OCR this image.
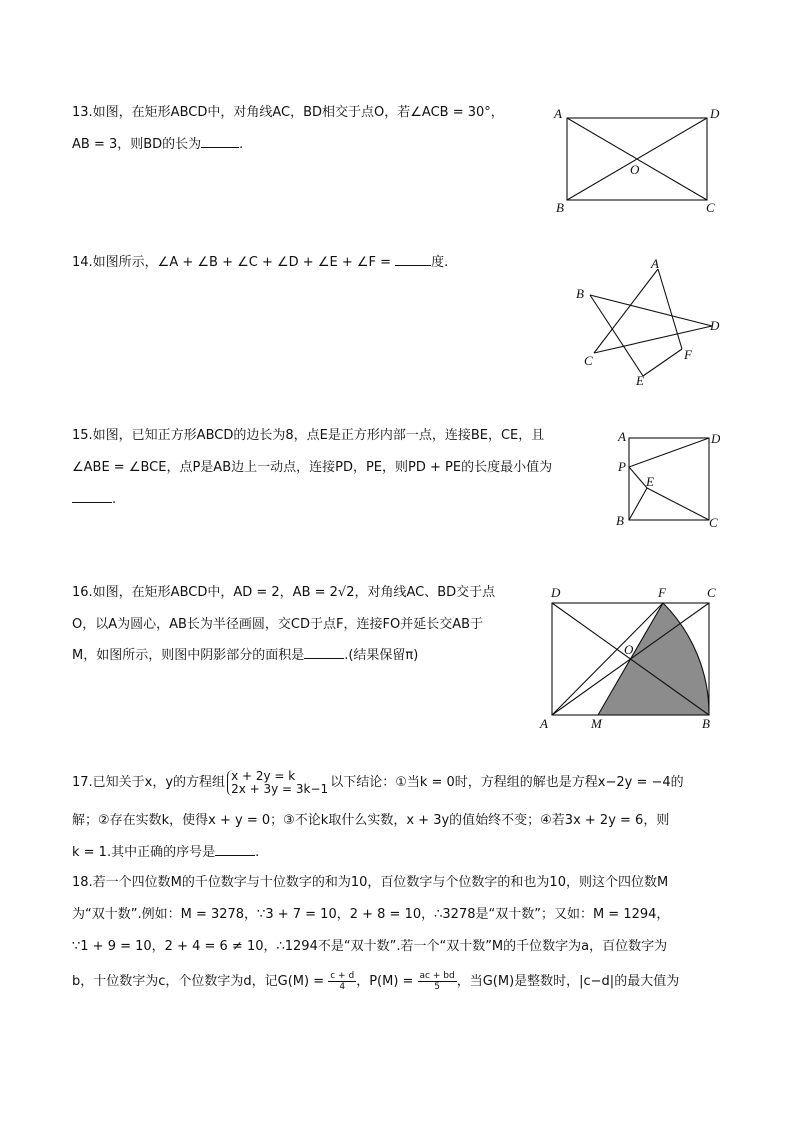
13.如图，在矩形ABCD中，对角线AC，BD相交于点O，若∠ACB = 30°，

AB = 3，则BD的长为	.

A	D
O
B	C

14.如图所示，∠A + ∠B + ∠C + ∠D + ∠E + ∠F =	度.	A
B
D
C	F
E

15.如图，已知正方形ABCD的边长为8，点E是正方形内部一点，连接BE，CE，且

∠ABE = ∠BCE，点P是AB边上一动点，连接PD，PE，则PD + PE的长度最小值为

.

A	D
P
E
B	C

16.如图，在矩形ABCD中，AD = 2，AB = 2√2，对角线AC、BD交于点

O，以A为圆心，AB长为半径画圆，交CD于点F，连接FO并延长交AB于

M，如图所示，则图中阴影部分的面积是	.(结果保留π)

D	F	C
O
A	M	B

17.已知关于x，y的方程组 x + 2y = k
2x + 3y = 3k−1 以下结论：①当k = 0时，方程组的解也是方程x−2y = −4的

解；②存在实数k，使得x + y = 0；③不论k取什么实数，x + 3y的值始终不变；④若3x + 2y = 6，则

k = 1.其中正确的序号是	.

18.若一个四位数M的千位数字与十位数字的和为10，百位数字与个位数字的和也为10，则这个四位数M

为“双十数”.例如：M = 3278，∵3 + 7 = 10，2 + 8 = 10，∴3278是“双十数”；又如：M = 1294，

∵1 + 9 = 10，2 + 4 = 6 ≠ 10，∴1294不是“双十数”.若一个“双十数”M的千位数字为a，百位数字为

b，十位数字为c，个位数字为d，记$G(M) = \frac{c + d}{4}$ ，$P(M) = \frac{ac + bd}{5}$ ，当G(M)是整数时，|c−d|的最大值为
